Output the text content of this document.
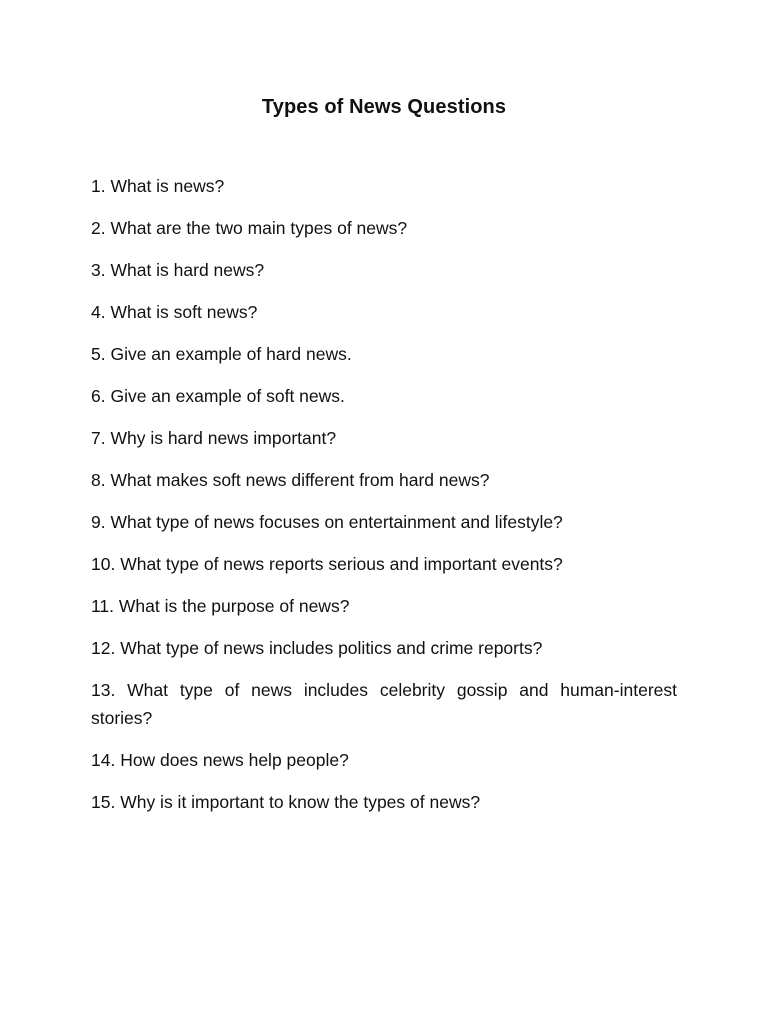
Types of News Questions
1. What is news?
2. What are the two main types of news?
3. What is hard news?
4. What is soft news?
5. Give an example of hard news.
6. Give an example of soft news.
7. Why is hard news important?
8. What makes soft news different from hard news?
9. What type of news focuses on entertainment and lifestyle?
10. What type of news reports serious and important events?
11. What is the purpose of news?
12. What type of news includes politics and crime reports?
13. What type of news includes celebrity gossip and human-interest stories?
14. How does news help people?
15. Why is it important to know the types of news?
